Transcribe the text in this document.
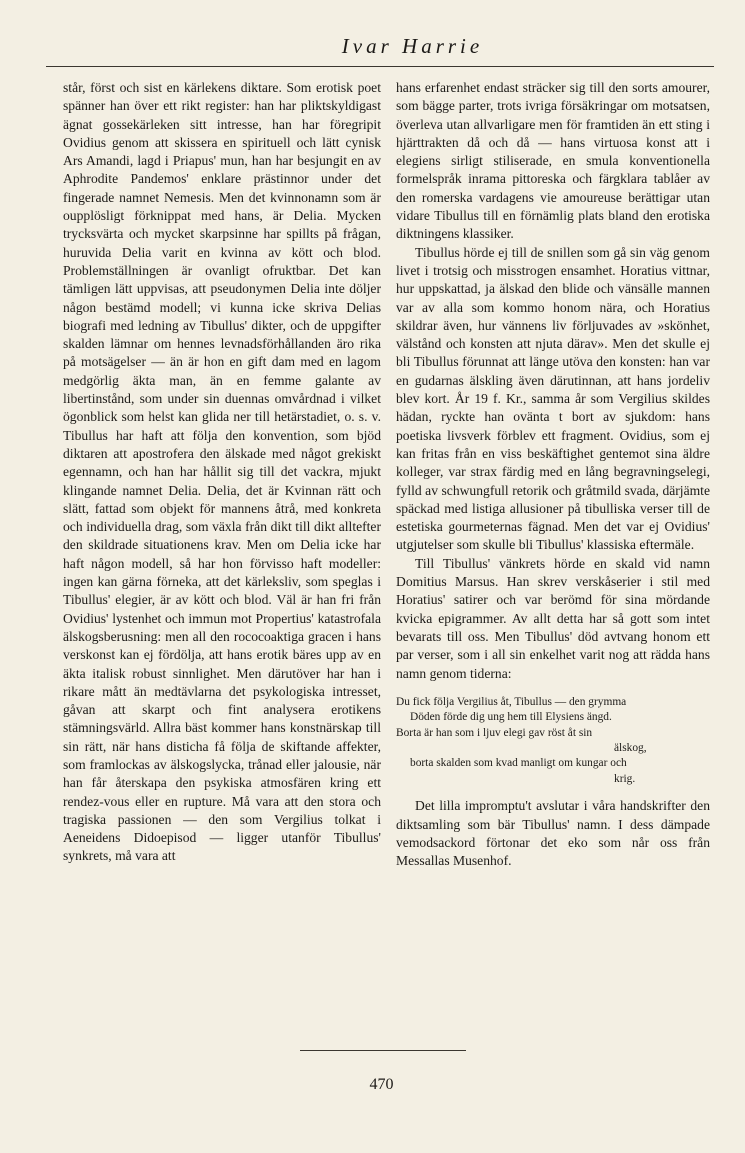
Ivar Harrie

står, först och sist en kärlekens diktare. Som erotisk poet spänner han över ett rikt register: han har pliktskyldigast ägnat gossekärleken sitt intresse, han har föregripit Ovidius genom att skissera en spirituell och lätt cynisk Ars Amandi, lagd i Priapus' mun, han har besjungit en av Aphrodite Pandemos' enklare prästinnor under det fingerade namnet Nemesis. Men det kvinnonamn som är oupplösligt förknippat med hans, är Delia. Mycken trycksvärta och mycket skarpsinne har spillts på frågan, huruvida Delia varit en kvinna av kött och blod. Problemställningen är ovanligt ofruktbar. Det kan tämligen lätt uppvisas, att pseudonymen Delia inte döljer någon bestämd modell; vi kunna icke skriva Delias biografi med ledning av Tibullus' dikter, och de uppgifter skalden lämnar om hennes levnadsförhållanden äro rika på motsägelser — än är hon en gift dam med en lagom medgörlig äkta man, än en femme galante av libertinstånd, som under sin duennas omvårdnad i vilket ögonblick som helst kan glida ner till hetärstadiet, o. s. v. Tibullus har haft att följa den konvention, som bjöd diktaren att apostrofera den älskade med något grekiskt egennamn, och han har hållit sig till det vackra, mjukt klingande namnet Delia. Delia, det är Kvinnan rätt och slätt, fattad som objekt för mannens åtrå, med konkreta och individuella drag, som växla från dikt till dikt alltefter den skildrade situationens krav. Men om Delia icke har haft någon modell, så har hon förvisso haft modeller: ingen kan gärna förneka, att det kärleksliv, som speglas i Tibullus' elegier, är av kött och blod. Väl är han fri från Ovidius' lystenhet och immun mot Propertius' katastrofala älskogsberusning: men all den rococoaktiga gracen i hans verskonst kan ej fördölja, att hans erotik bäres upp av en äkta italisk robust sinnlighet. Men därutöver har han i rikare mått än medtävlarna det psykologiska intresset, gåvan att skarpt och fint analysera erotikens stämningsvärld. Allra bäst kommer hans konstnärskap till sin rätt, när hans disticha få följa de skiftande affekter, som framlockas av älskogslycka, trånad eller jalousie, när han får återskapa den psykiska atmosfären kring ett rendez-vous eller en rupture. Må vara att den stora och tragiska passionen — den som Vergilius tolkat i Aeneidens Didoepisod — ligger utanför Tibullus' synkrets, må vara att

hans erfarenhet endast sträcker sig till den sorts amourer, som bägge parter, trots ivriga försäkringar om motsatsen, överleva utan allvarligare men för framtiden än ett sting i hjärttrakten då och då — hans virtuosa konst att i elegiens sirligt stiliserade, en smula konventionella formelspråk inrama pittoreska och färgklara tablåer av den romerska vardagens vie amoureuse berättigar utan vidare Tibullus till en förnämlig plats bland den erotiska diktningens klassiker.

Tibullus hörde ej till de snillen som gå sin väg genom livet i trotsig och misstrogen ensamhet. Horatius vittnar, hur uppskattad, ja älskad den blide och vänsälle mannen var av alla som kommo honom nära, och Horatius skildrar även, hur vännens liv förljuvades av »skönhet, välstånd och konsten att njuta därav». Men det skulle ej bli Tibullus förunnat att länge utöva den konsten: han var en gudarnas älskling även därutinnan, att hans jordeliv blev kort. År 19 f. Kr., samma år som Vergilius skildes hädan, ryckte han ovänta t bort av sjukdom: hans poetiska livsverk förblev ett fragment. Ovidius, som ej kan fritas från en viss beskäftighet gentemot sina äldre kolleger, var strax färdig med en lång begravningselegi, fylld av schwungfull retorik och gråtmild svada, därjämte späckad med listiga allusioner på tibulliska verser till de estetiska gourmeternas fägnad. Men det var ej Ovidius' utgjutelser som skulle bli Tibullus' klassiska eftermäle.

Till Tibullus' vänkrets hörde en skald vid namn Domitius Marsus. Han skrev verskåserier i stil med Horatius' satirer och var berömd för sina mördande kvicka epigrammer. Av allt detta har så gott som intet bevarats till oss. Men Tibullus' död avtvang honom ett par verser, som i all sin enkelhet varit nog att rädda hans namn genom tiderna:

Du fick följa Vergilius åt, Tibullus — den grymma
Döden förde dig ung hem till Elysiens ängd.
Borta är han som i ljuv elegi gav röst åt sin
älskog,
borta skalden som kvad manligt om kungar och
krig.

Det lilla impromptu't avslutar i våra handskrifter den diktsamling som bär Tibullus' namn. I dess dämpade vemodsackord förtonar det eko som når oss från Messallas Musenhof.

470
